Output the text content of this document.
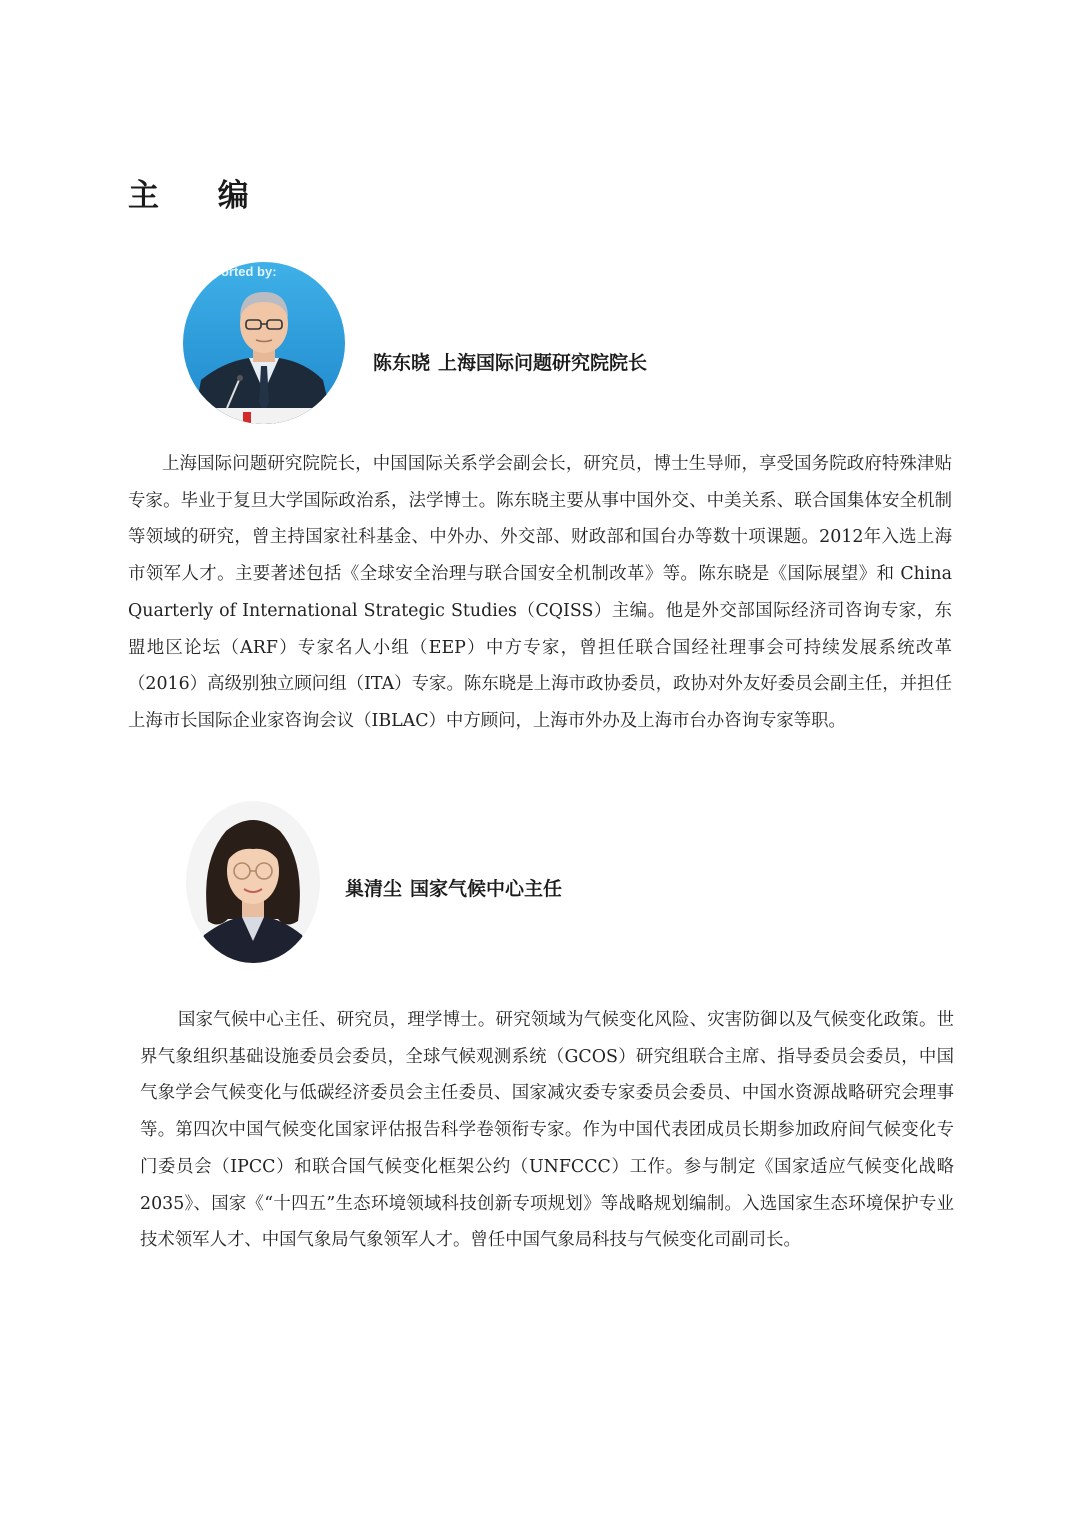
主 编
ported by:
陈东晓 上海国际问题研究院院长

上海国际问题研究院院长，中国国际关系学会副会长，研究员，博士生导师，享受国务院政府特殊津贴专家。毕业于复旦大学国际政治系，法学博士。陈东晓主要从事中国外交、中美关系、联合国集体安全机制等领域的研究，曾主持国家社科基金、中外办、外交部、财政部和国台办等数十项课题。2012年入选上海市领军人才。主要著述包括《全球安全治理与联合国安全机制改革》等。陈东晓是《国际展望》和 China Quarterly of International Strategic Studies（CQISS）主编。他是外交部国际经济司咨询专家，东盟地区论坛（ARF）专家名人小组（EEP）中方专家，曾担任联合国经社理事会可持续发展系统改革（2016）高级别独立顾问组（ITA）专家。陈东晓是上海市政协委员，政协对外友好委员会副主任，并担任上海市长国际企业家咨询会议（IBLAC）中方顾问，上海市外办及上海市台办咨询专家等职。

巢清尘 国家气候中心主任

国家气候中心主任、研究员，理学博士。研究领域为气候变化风险、灾害防御以及气候变化政策。世界气象组织基础设施委员会委员，全球气候观测系统（GCOS）研究组联合主席、指导委员会委员，中国气象学会气候变化与低碳经济委员会主任委员、国家减灾委专家委员会委员、中国水资源战略研究会理事等。第四次中国气候变化国家评估报告科学卷领衔专家。作为中国代表团成员长期参加政府间气候变化专门委员会（IPCC）和联合国气候变化框架公约（UNFCCC）工作。参与制定《国家适应气候变化战略 2035》、国家《“十四五”生态环境领域科技创新专项规划》等战略规划编制。入选国家生态环境保护专业技术领军人才、中国气象局气象领军人才。曾任中国气象局科技与气候变化司副司长。
